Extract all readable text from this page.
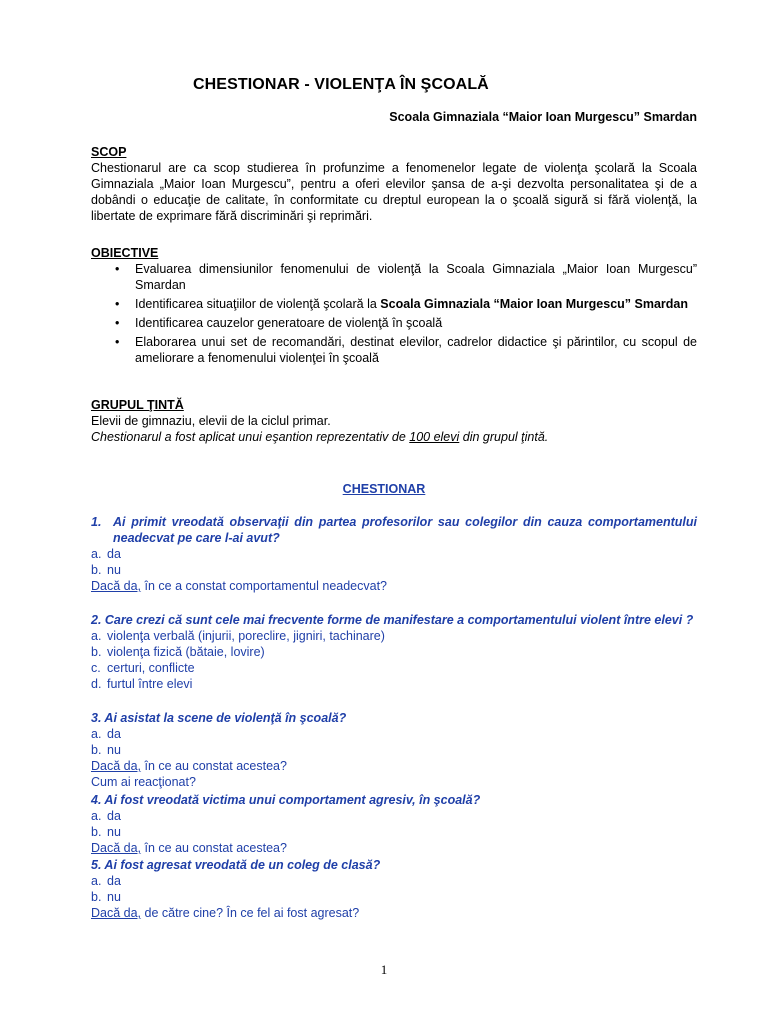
CHESTIONAR - VIOLENŢA ÎN ŞCOALĂ
Scoala Gimnaziala “Maior Ioan Murgescu” Smardan
SCOP
Chestionarul are ca scop studierea în profunzime a fenomenelor legate de violenţa şcolară la Scoala Gimnaziala „Maior Ioan Murgescu”, pentru a oferi elevilor şansa de a-şi dezvolta personalitatea şi de a dobândi o educaţie de calitate, în conformitate cu dreptul european la o şcoală sigură si fără violenţă, la libertate de exprimare fără discriminări şi reprimări.
OBIECTIVE
• Evaluarea dimensiunilor fenomenului de violenţă la Scoala Gimnaziala „Maior Ioan Murgescu” Smardan
• Identificarea situaţiilor de violenţă şcolară la Scoala Gimnaziala “Maior Ioan Murgescu” Smardan
• Identificarea cauzelor generatoare de violenţă în şcoală
• Elaborarea unui set de recomandări, destinat elevilor, cadrelor didactice şi părintilor, cu scopul de ameliorare a fenomenului violenţei în şcoală
GRUPUL ŢINTĂ
Elevii de gimnaziu, elevii de la ciclul primar.
Chestionarul a fost aplicat unui eşantion reprezentativ de 100 elevi din grupul ţintă.
CHESTIONAR
1. Ai primit vreodată observaţii din partea profesorilor sau colegilor din cauza comportamentului neadecvat pe care l-ai avut?
a. da
b. nu
Dacă da, în ce a constat comportamentul neadecvat?
2. Care crezi că sunt cele mai frecvente forme de manifestare a comportamentului violent între elevi ?
a. violenţa verbală (injurii, poreclire, jigniri, tachinare)
b. violenţa fizică (bătaie, lovire)
c. certuri, conflicte
d. furtul între elevi
3. Ai asistat la scene de violenţă în şcoală?
a. da
b. nu
Dacă da, în ce au constat acestea?
Cum ai reacţionat?
4. Ai fost vreodată victima unui comportament agresiv, în şcoală?
a. da
b. nu
Dacă da, în ce au constat acestea?
5. Ai fost agresat vreodată de un coleg de clasă?
a. da
b. nu
Dacă da, de către cine? În ce fel ai fost agresat?
1
